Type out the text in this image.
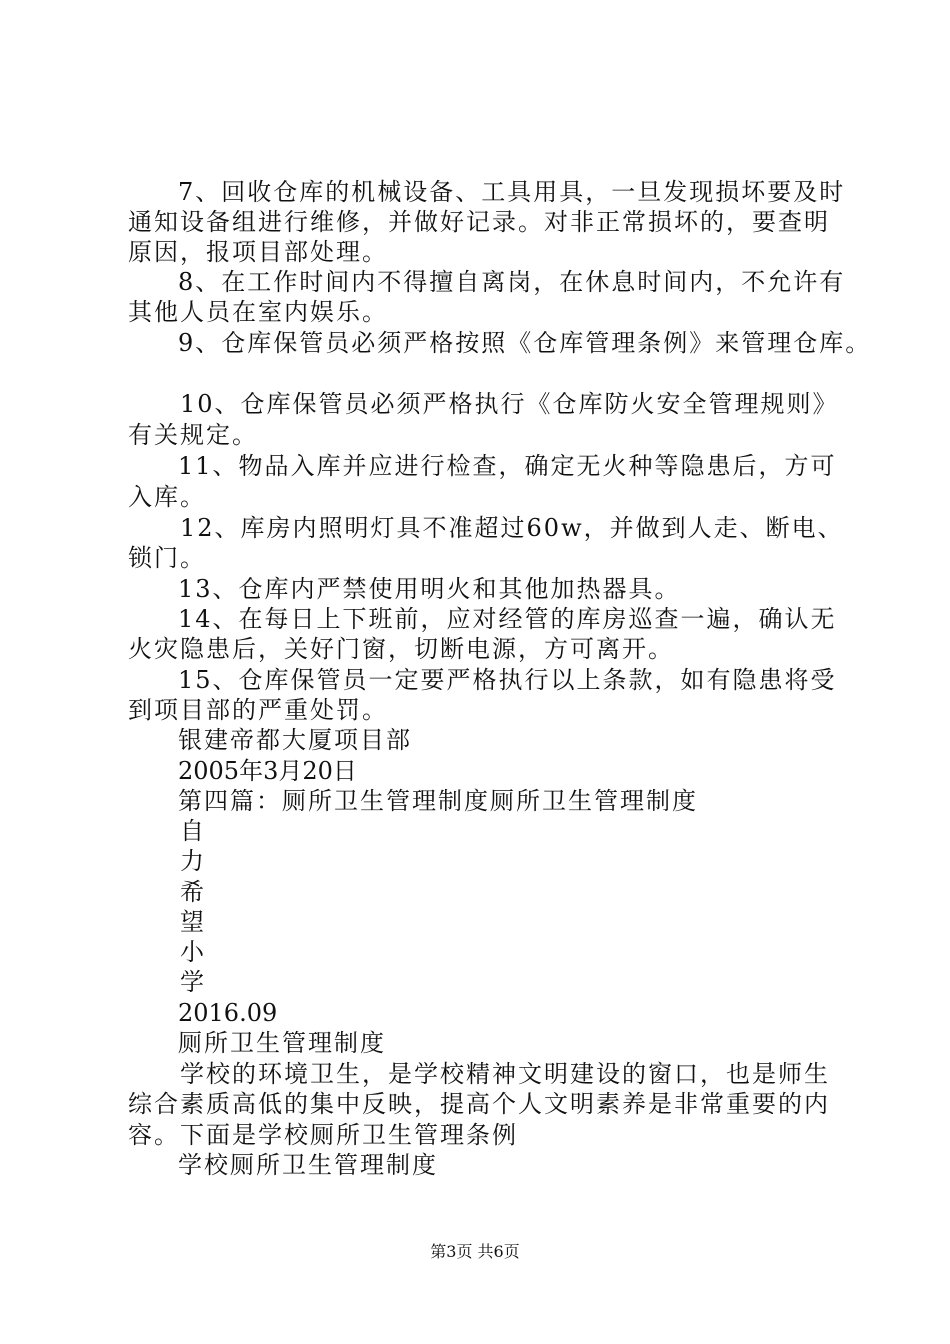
7、回收仓库的机械设备、工具用具，一旦发现损坏要及时
通知设备组进行维修，并做好记录。对非正常损坏的，要查明
原因，报项目部处理。
8、在工作时间内不得擅自离岗，在休息时间内，不允许有
其他人员在室内娱乐。
9、仓库保管员必须严格按照《仓库管理条例》来管理仓库。
10、仓库保管员必须严格执行《仓库防火安全管理规则》
有关规定。
11、物品入库并应进行检查，确定无火种等隐患后，方可
入库。
12、库房内照明灯具不准超过60w，并做到人走、断电、
锁门。
13、仓库内严禁使用明火和其他加热器具。
14、在每日上下班前，应对经管的库房巡查一遍，确认无
火灾隐患后，关好门窗，切断电源，方可离开。
15、仓库保管员一定要严格执行以上条款，如有隐患将受
到项目部的严重处罚。
银建帝都大厦项目部
2005年3月20日
第四篇：厕所卫生管理制度厕所卫生管理制度
自
力
希
望
小
学
2016.09
厕所卫生管理制度
学校的环境卫生，是学校精神文明建设的窗口，也是师生
综合素质高低的集中反映，提高个人文明素养是非常重要的内
容。下面是学校厕所卫生管理条例
学校厕所卫生管理制度
第3页 共6页
